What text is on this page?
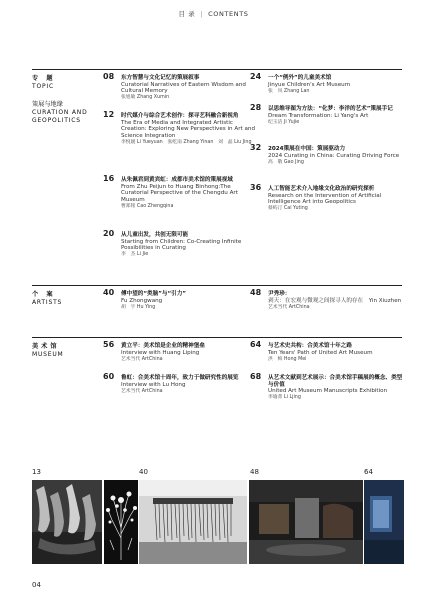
目 录 | CONTENTS
专 题
TOPIC
策展与地缘
CURATION AND
GEOPOLITICS
个 案
ARTISTS
美术馆
MUSEUM
08 东方智慧与文化记忆的策展叙事
Curatorial Narratives of Eastern Wisdom and Cultural Memory
张旭敏 Zhang Xumin
12 时代媒介与综合艺术创作：探寻艺科融合新视角
The Era of Media and Integrated Artistic Creation: Exploring New Perspectives in Art and Science Integration
李悦媛 Li Yueyuan　张屹南 Zhang Yinan　刘　晶 Liu Jing
16 从朱佩君到黄宾虹：成都市美术馆的策展视域
From Zhu Peijun to Huang Binhong:The Curatorial Perspective of the Chengdu Art Museum
曹郑铭 Cao Zhengqina
20 从儿童出发，共创无限可能
Starting from Children: Co-Creating Infinite Possibilities in Curating
李　杰 Li Jie
24 一个“例外”的儿童美术馆
Jinyue Children's Art Museum
张　岚 Zhang Lan
28 以思维导图为方法：“化梦：李洋的艺术”策展手记
Dream Transformation: Li Yang's Art
纪玉洁 Ji Yujie
32 2024策展在中国：策展驱动力
2024 Curating in China: Curating Driving Force
高　敬 Gao Jing
36 人工智能艺术介入地缘文化政治的研究探析
Research on the Intervention of Artificial Intelligence Art into Geopolitics
蔡屿汀 Cai Yuting
40 傅中望的“类脑”与“引力”
Fu Zhongwang
胡　宇 Hu Ying
48 尹秀珍：
剥天：在宏观与微观之间探寻人的存在　Yin Xiuzhen
艺术当代 ArtChina
56 黄立平：美术馆是企业的精神堡垒
Interview with Huang Liping
艺术当代 ArtChina
60 鲁虹：合美术馆十周年，致力于做研究性的展览
Interview with Lu Hong
艺术当代 ArtChina
64 与艺术史共构：合美术馆十年之路
Ten Years' Path of United Art Museum
洪　梅 Hong Mei
68 从艺术文献到艺术展示：合美术馆手稿展的概念、类型与价值
United Art Museum Manuscripts Exhibition
李瑜菁 Li Ljing
13	40	48	64
04
